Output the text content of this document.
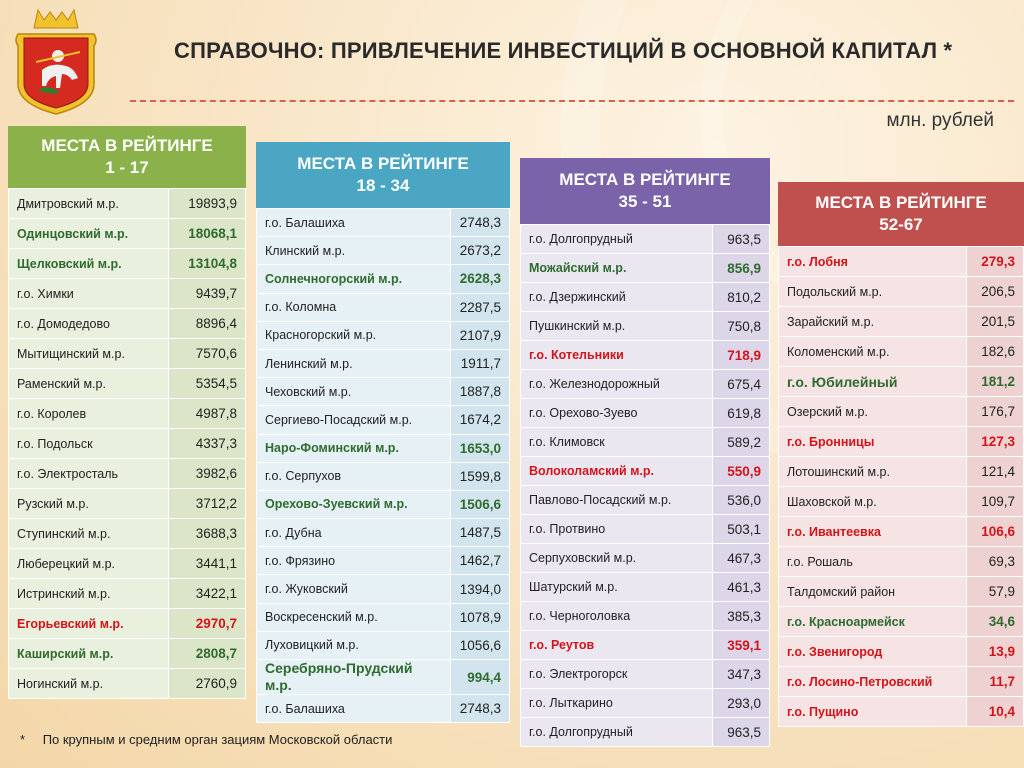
СПРАВОЧНО: ПРИВЛЕЧЕНИЕ ИНВЕСТИЦИЙ В ОСНОВНОЙ КАПИТАЛ *
млн. рублей
МЕСТА В РЕЙТИНГЕ
1 - 17
Дмитровский м.р.	19893,9
Одинцовский м.р.	18068,1
Щелковский м.р.	13104,8
г.о. Химки	9439,7
г.о. Домодедово	8896,4
Мытищинский м.р.	7570,6
Раменский м.р.	5354,5
г.о. Королев	4987,8
г.о. Подольск	4337,3
г.о. Электросталь	3982,6
Рузский м.р.	3712,2
Ступинский м.р.	3688,3
Люберецкий м.р.	3441,1
Истринский м.р.	3422,1
Егорьевский м.р.	2970,7
Каширский м.р.	2808,7
Ногинский м.р.	2760,9
МЕСТА В РЕЙТИНГЕ
18 - 34
г.о. Балашиха	2748,3
Клинский м.р.	2673,2
Солнечногорский м.р.	2628,3
г.о. Коломна	2287,5
Красногорский м.р.	2107,9
Ленинский м.р.	1911,7
Чеховский м.р.	1887,8
Сергиево-Посадский м.р.	1674,2
Наро-Фоминский м.р.	1653,0
г.о. Серпухов	1599,8
Орехово-Зуевский м.р.	1506,6
г.о. Дубна	1487,5
г.о. Фрязино	1462,7
г.о. Жуковский	1394,0
Воскресенский м.р.	1078,9
Луховицкий м.р.	1056,6
Серебряно-Прудский м.р.	994,4
г.о. Балашиха	2748,3
МЕСТА В РЕЙТИНГЕ
35 - 51
г.о. Долгопрудный	963,5
Можайский м.р.	856,9
г.о. Дзержинский	810,2
Пушкинский м.р.	750,8
г.о. Котельники	718,9
г.о. Железнодорожный	675,4
г.о. Орехово-Зуево	619,8
г.о. Климовск	589,2
Волоколамский м.р.	550,9
Павлово-Посадский м.р.	536,0
г.о. Протвино	503,1
Серпуховский м.р.	467,3
Шатурский м.р.	461,3
г.о. Черноголовка	385,3
г.о. Реутов	359,1
г.о. Электрогорск	347,3
г.о. Лыткарино	293,0
г.о. Долгопрудный	963,5
МЕСТА В РЕЙТИНГЕ
52-67
г.о. Лобня	279,3
Подольский м.р.	206,5
Зарайский м.р.	201,5
Коломенский м.р.	182,6
г.о. Юбилейный	181,2
Озерский м.р.	176,7
г.о. Бронницы	127,3
Лотошинский м.р.	121,4
Шаховской м.р.	109,7
г.о. Ивантеевка	106,6
г.о. Рошаль	69,3
Талдомский район	57,9
г.о. Красноармейск	34,6
г.о. Звенигород	13,9
г.о. Лосино-Петровский	11,7
г.о. Пущино	10,4
* По крупным и средним орган зациям Московской области
